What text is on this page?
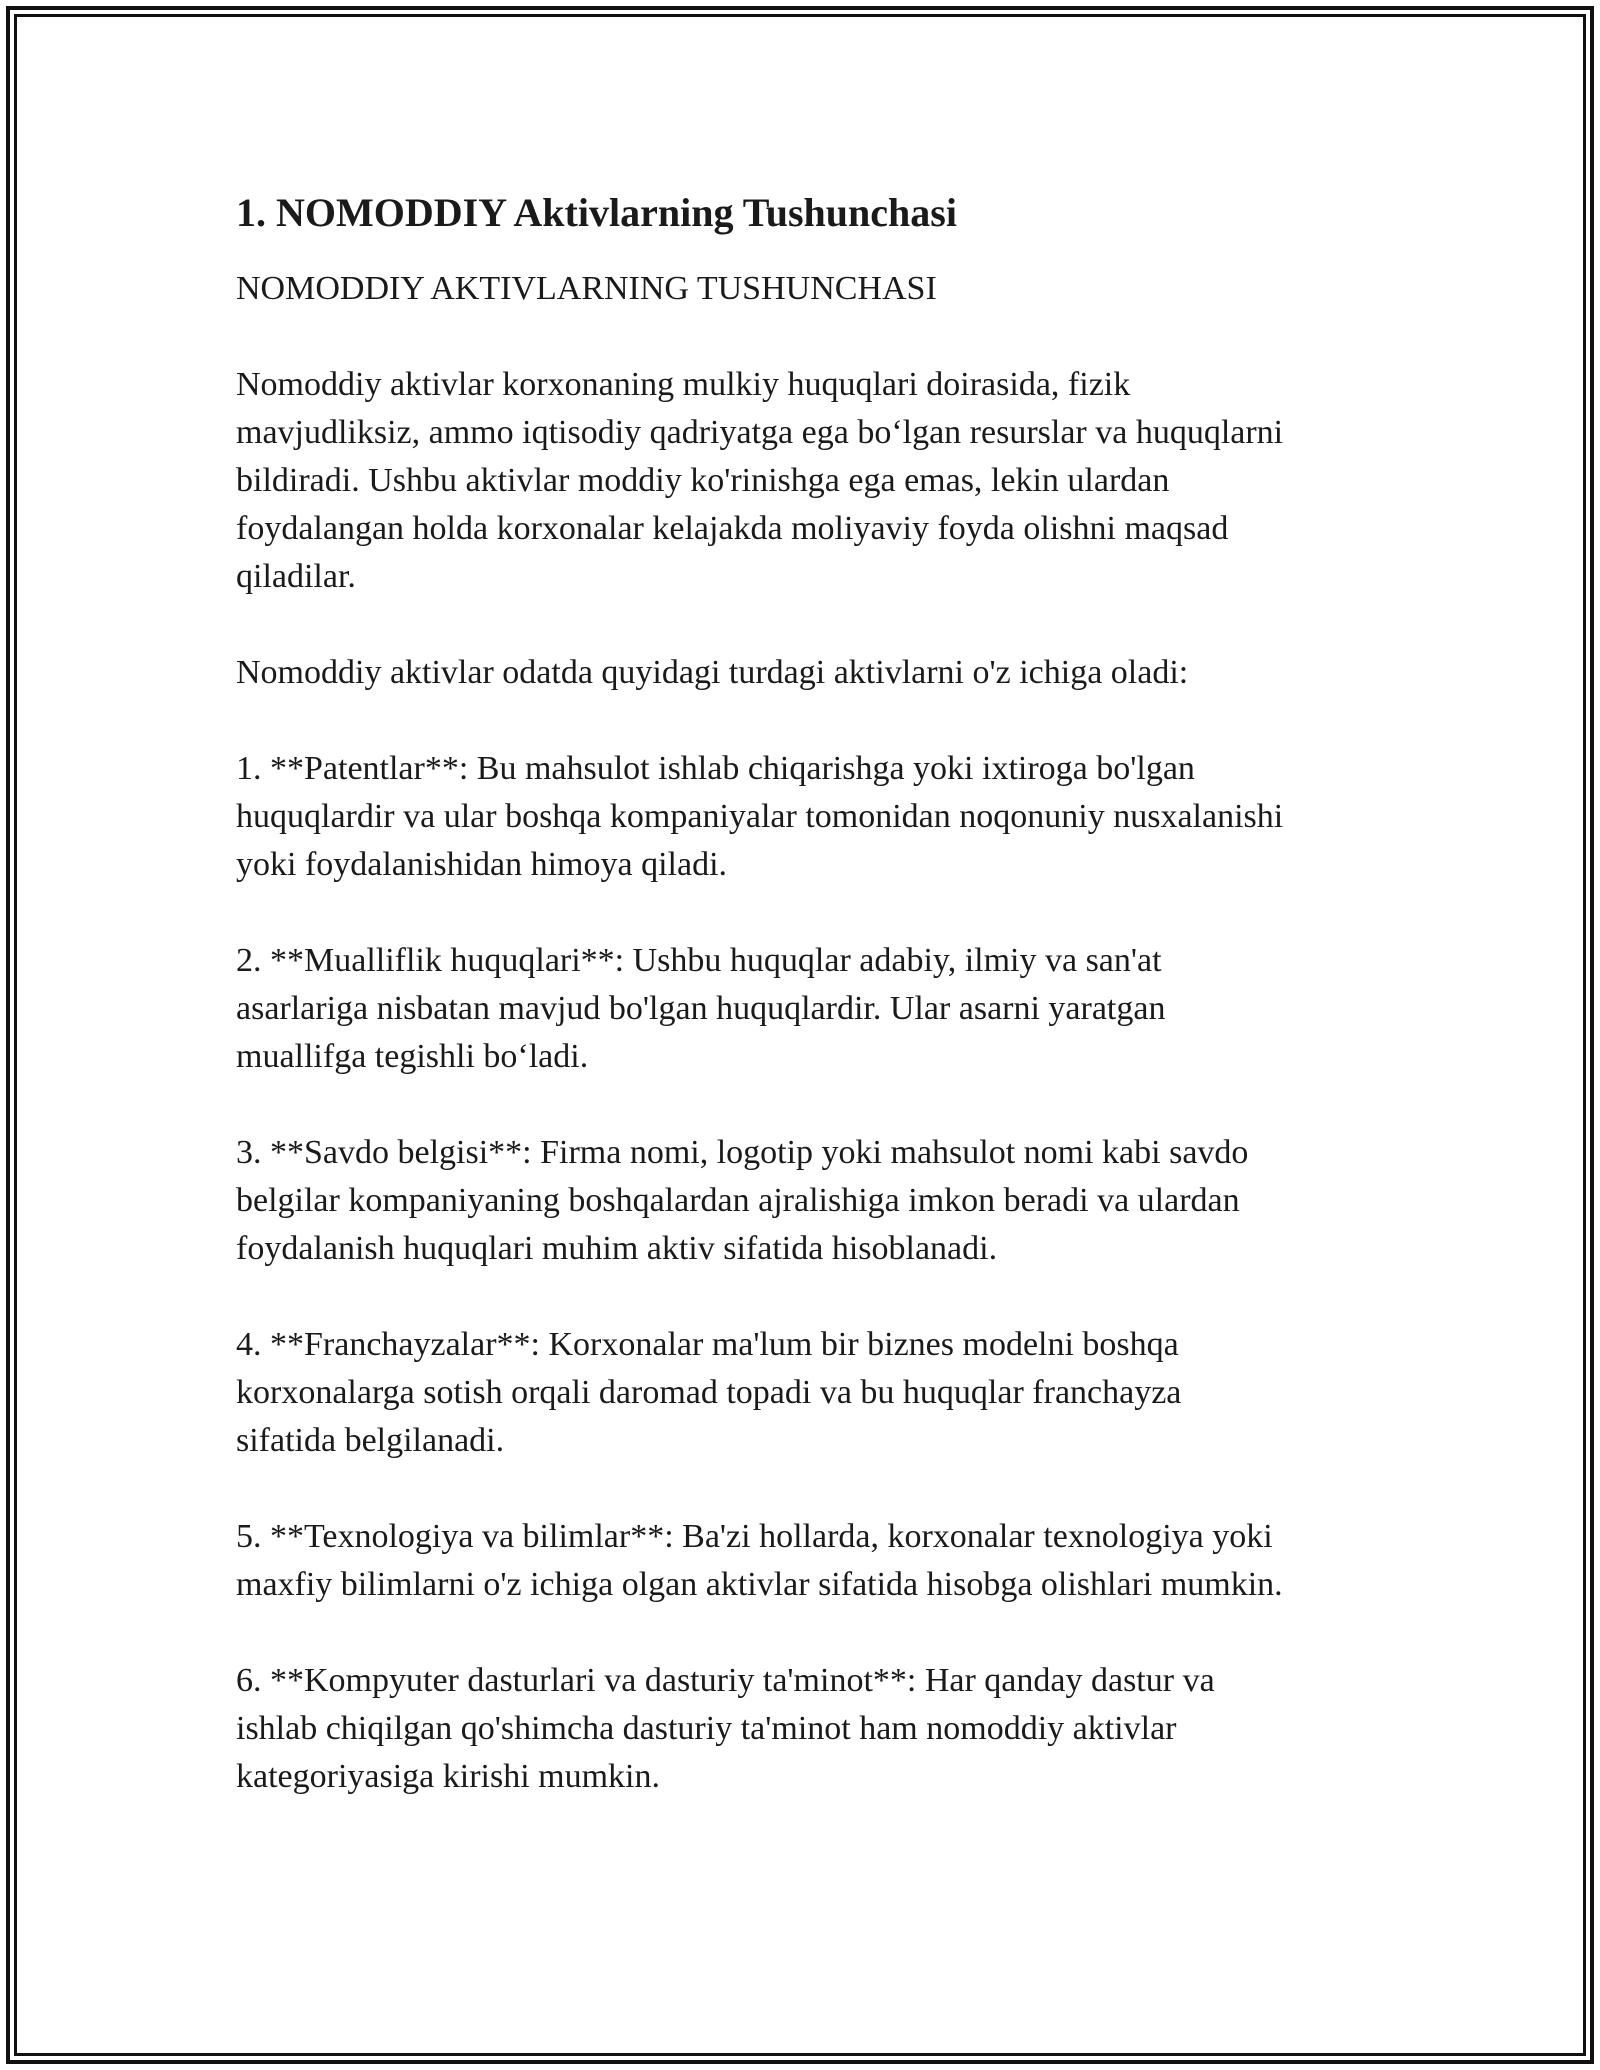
1. NOMODDIY Aktivlarning Tushunchasi

NOMODDIY AKTIVLARNING TUSHUNCHASI

Nomoddiy aktivlar korxonaning mulkiy huquqlari doirasida, fizik
mavjudliksiz, ammo iqtisodiy qadriyatga ega bo‘lgan resurslar va huquqlarni
bildiradi. Ushbu aktivlar moddiy ko'rinishga ega emas, lekin ulardan
foydalangan holda korxonalar kelajakda moliyaviy foyda olishni maqsad
qiladilar.

Nomoddiy aktivlar odatda quyidagi turdagi aktivlarni o'z ichiga oladi:

1. **Patentlar**: Bu mahsulot ishlab chiqarishga yoki ixtiroga bo'lgan
huquqlardir va ular boshqa kompaniyalar tomonidan noqonuniy nusxalanishi
yoki foydalanishidan himoya qiladi.

2. **Mualliflik huquqlari**: Ushbu huquqlar adabiy, ilmiy va san'at
asarlariga nisbatan mavjud bo'lgan huquqlardir. Ular asarni yaratgan
muallifga tegishli bo‘ladi.

3. **Savdo belgisi**: Firma nomi, logotip yoki mahsulot nomi kabi savdo
belgilar kompaniyaning boshqalardan ajralishiga imkon beradi va ulardan
foydalanish huquqlari muhim aktiv sifatida hisoblanadi.

4. **Franchayzalar**: Korxonalar ma'lum bir biznes modelni boshqa
korxonalarga sotish orqali daromad topadi va bu huquqlar franchayza
sifatida belgilanadi.

5. **Texnologiya va bilimlar**: Ba'zi hollarda, korxonalar texnologiya yoki
maxfiy bilimlarni o'z ichiga olgan aktivlar sifatida hisobga olishlari mumkin.

6. **Kompyuter dasturlari va dasturiy ta'minot**: Har qanday dastur va
ishlab chiqilgan qo'shimcha dasturiy ta'minot ham nomoddiy aktivlar
kategoriyasiga kirishi mumkin.
